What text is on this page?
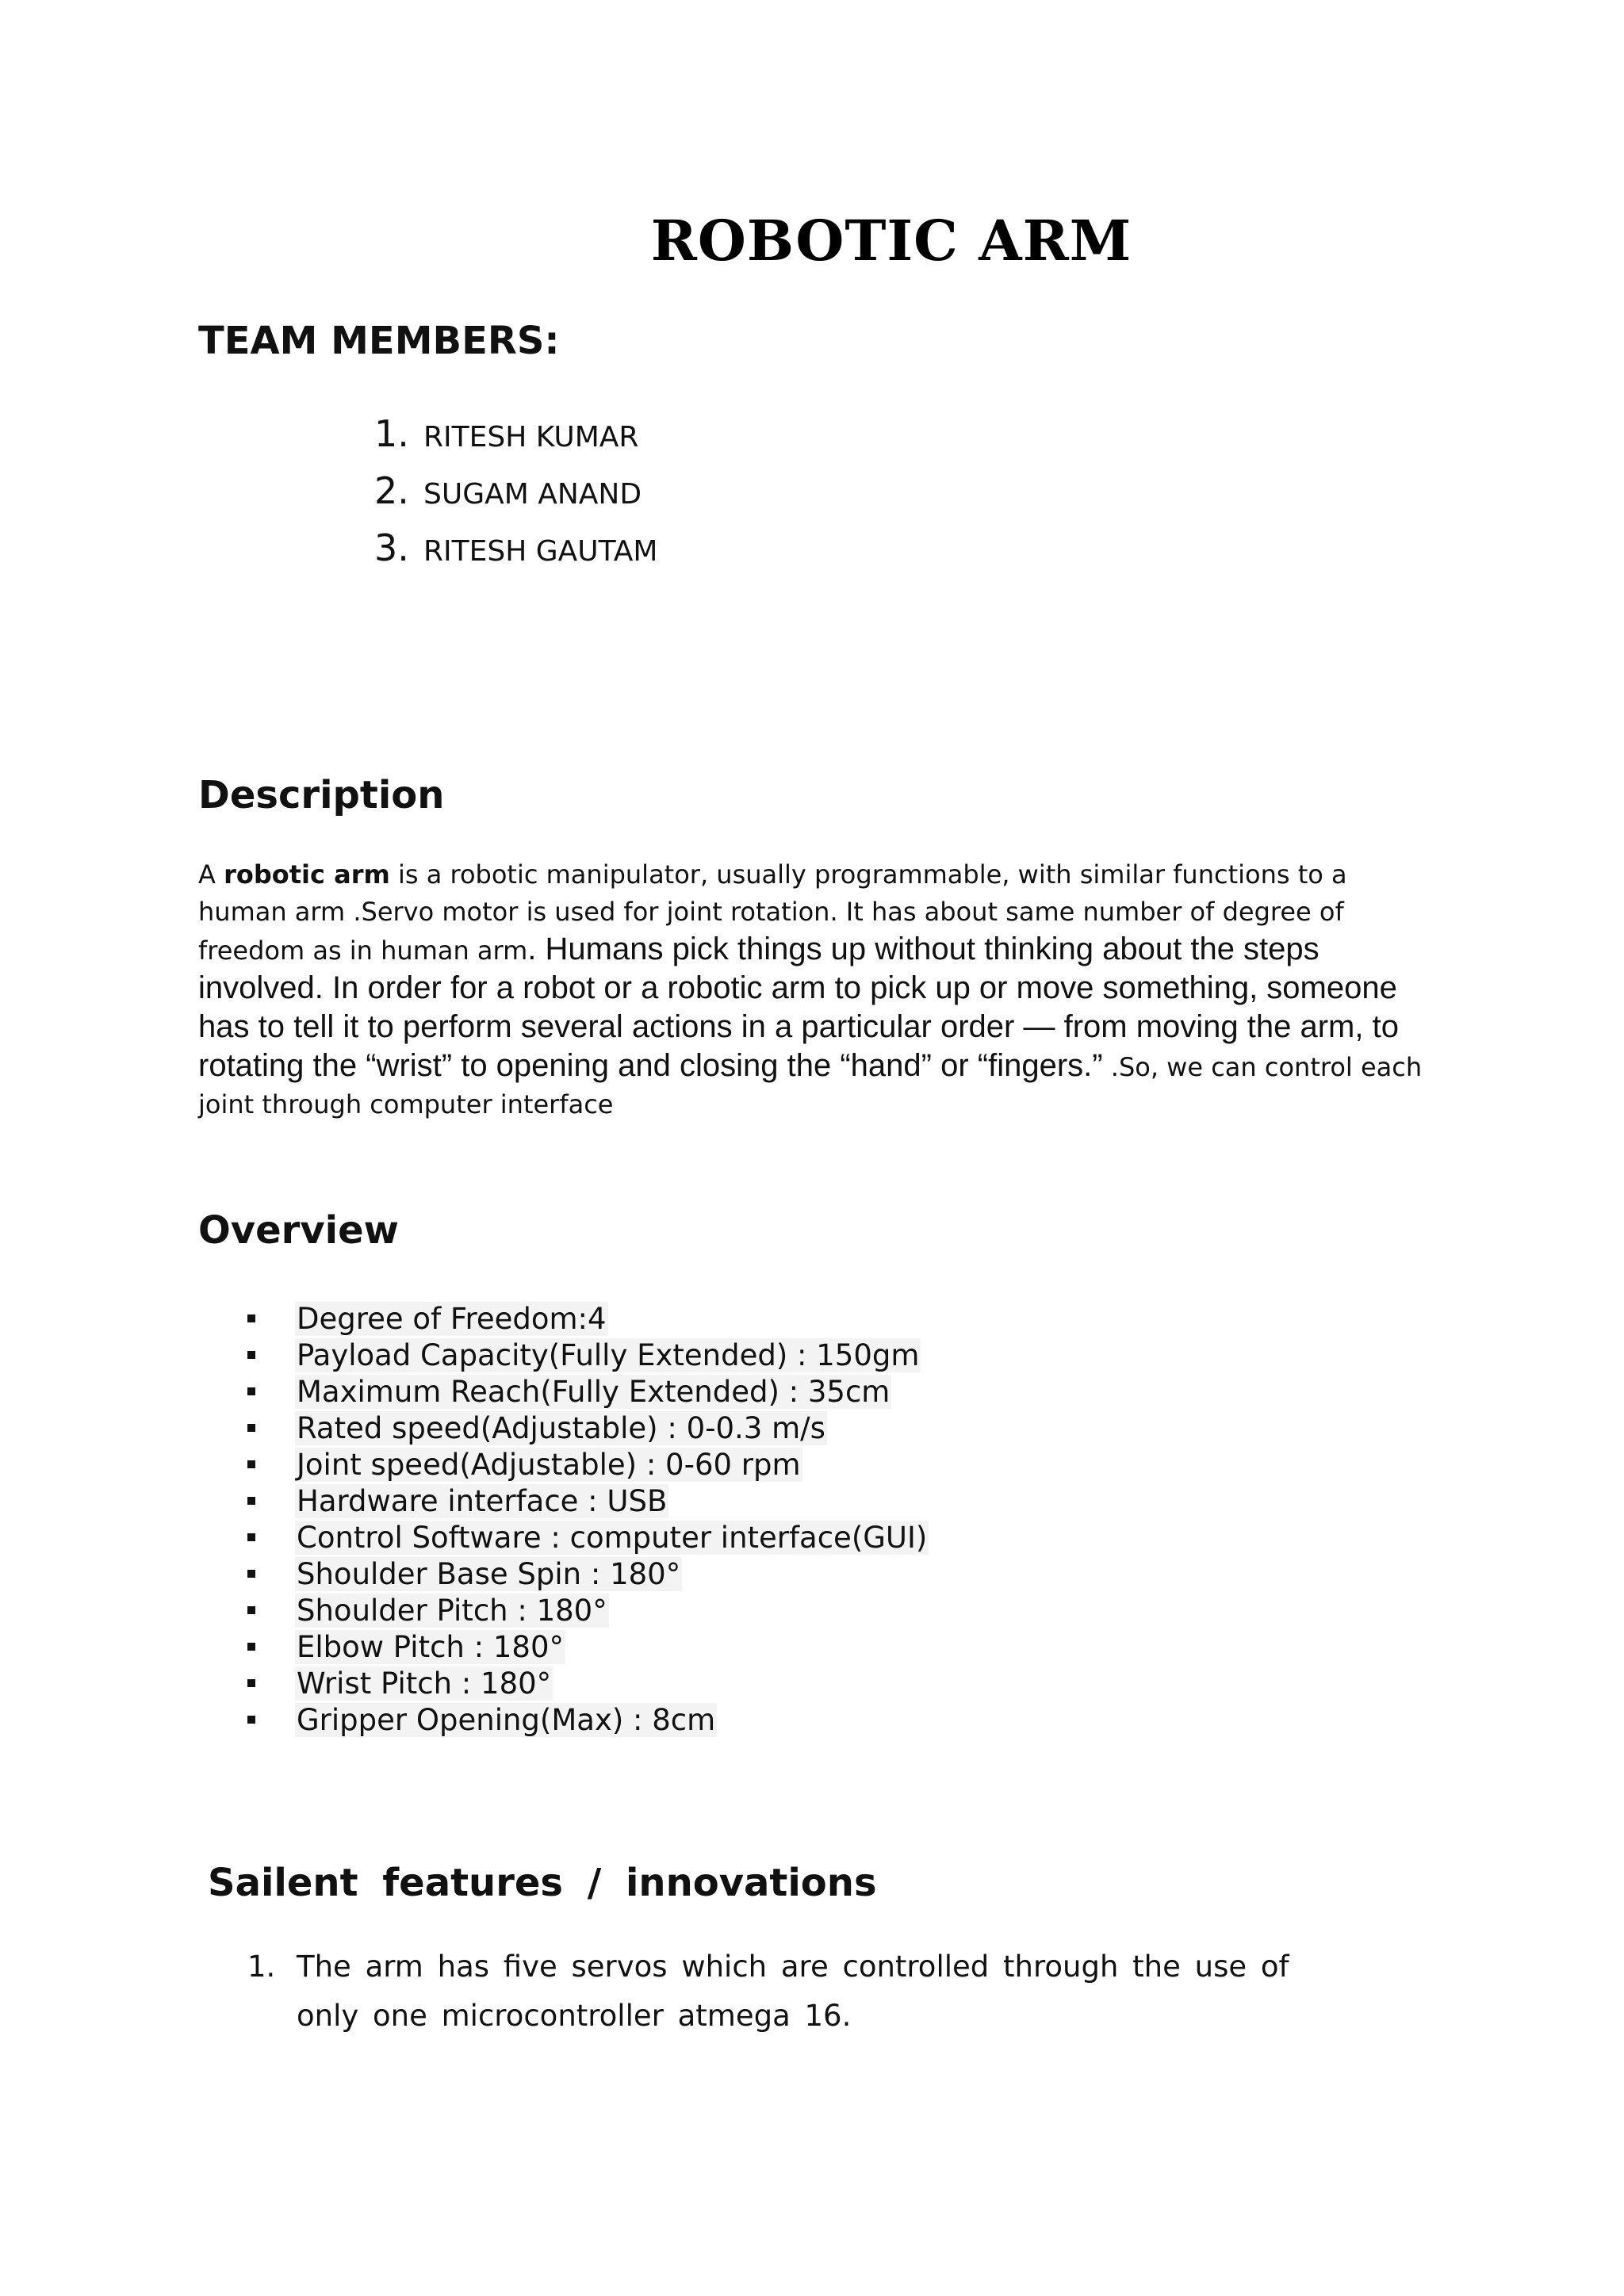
ROBOTIC ARM
TEAM MEMBERS:
1. RITESH KUMAR
2. SUGAM ANAND
3. RITESH GAUTAM
Description

A robotic arm is a robotic manipulator, usually programmable, with similar functions to a human arm .Servo motor is used for joint rotation. It has about same number of degree of freedom as in human arm. Humans pick things up without thinking about the steps involved. In order for a robot or a robotic arm to pick up or move something, someone has to tell it to perform several actions in a particular order — from moving the arm, to rotating the “wrist” to opening and closing the “hand” or “fingers.” .So, we can control each joint through computer interface

Overview
Degree of Freedom:4
Payload Capacity(Fully Extended) : 150gm
Maximum Reach(Fully Extended) : 35cm
Rated speed(Adjustable) : 0-0.3 m/s
Joint speed(Adjustable) : 0-60 rpm
Hardware interface : USB
Control Software : computer interface(GUI)
Shoulder Base Spin : 180°
Shoulder Pitch : 180°
Elbow Pitch : 180°
Wrist Pitch : 180°
Gripper Opening(Max) : 8cm
Sailent features / innovations
1. The arm has five servos which are controlled through the use of only one microcontroller atmega 16.
